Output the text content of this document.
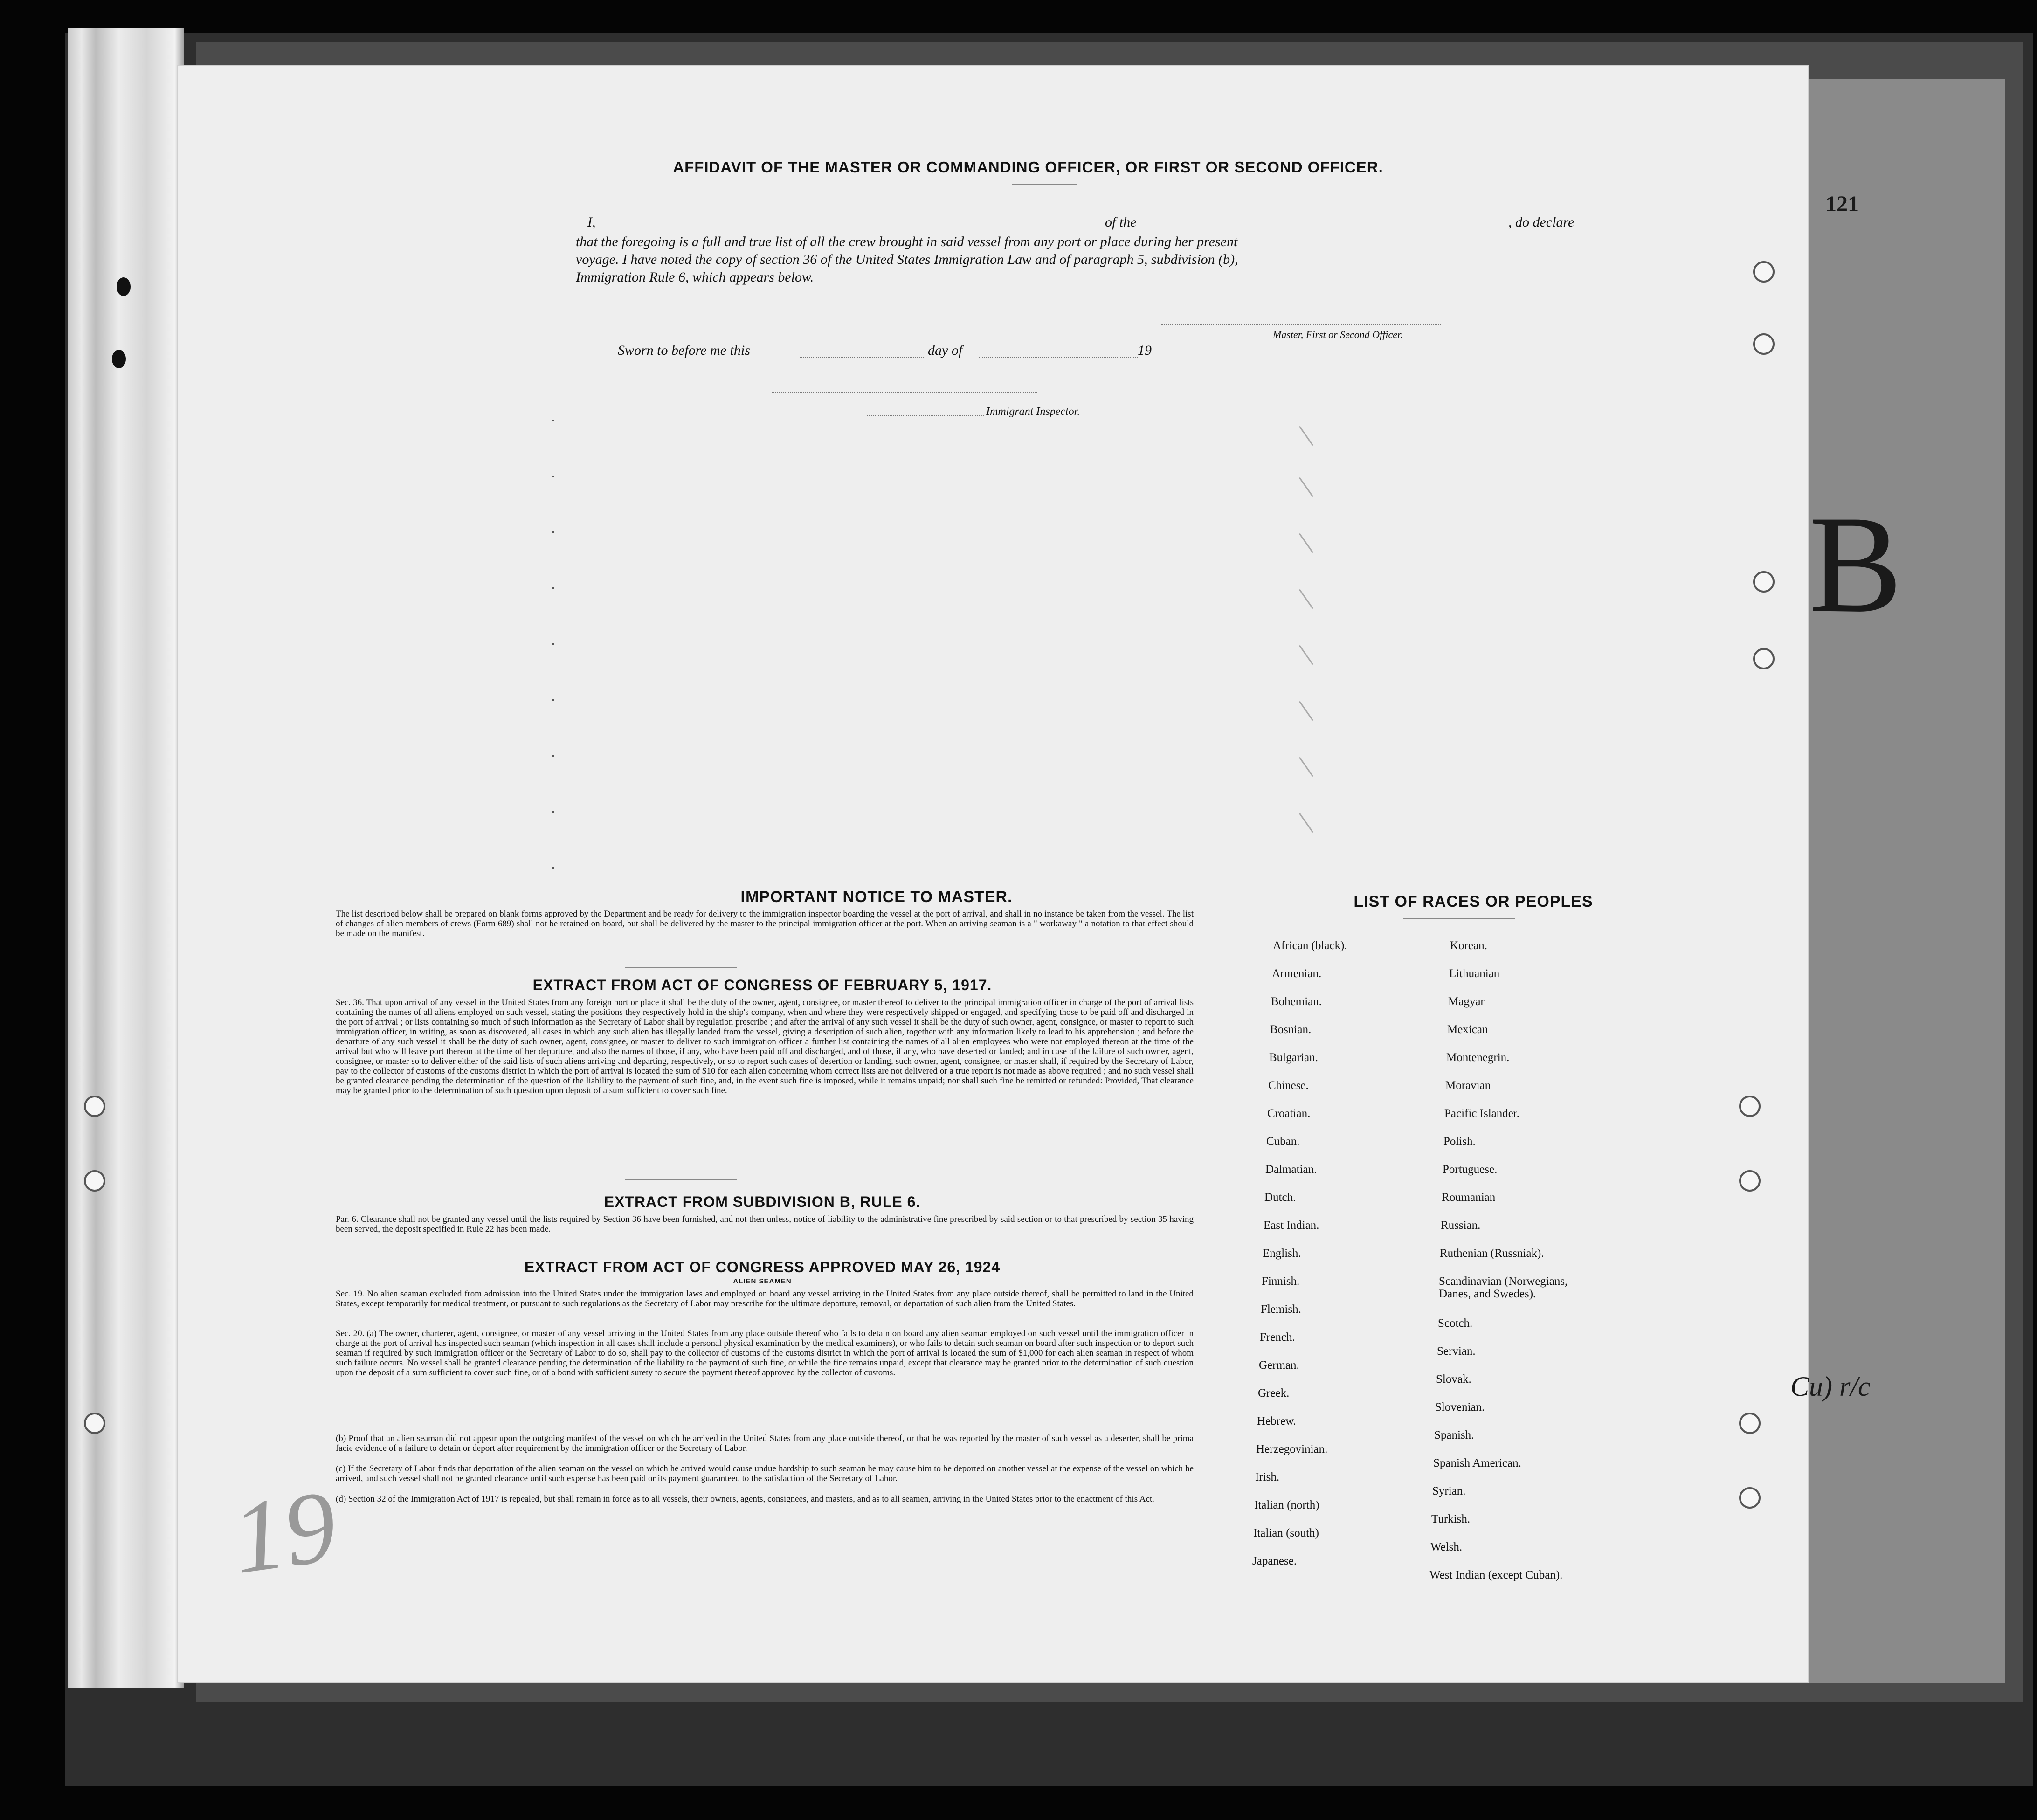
AFFIDAVIT OF THE MASTER OR COMMANDING OFFICER, OR FIRST OR SECOND OFFICER.
I,	of the	, do declare
that the foregoing is a full and true list of all the crew brought in said vessel from any port or place during her present
voyage. I have noted the copy of section 36 of the United States Immigration Law and of paragraph 5, subdivision (b),
Immigration Rule 6, which appears below.
Master, First or Second Officer.
Sworn to before me this	day of	19
Immigrant Inspector.
IMPORTANT NOTICE TO MASTER.
The list described below shall be prepared on blank forms approved by the Department and be ready for delivery to the immigration inspector boarding the vessel at the port of arrival, and shall in no instance be taken from the vessel. The list of changes of alien members of crews (Form 689) shall not be retained on board, but shall be delivered by the master to the principal immigration officer at the port. When an arriving seaman is a " workaway " a notation to that effect should be made on the manifest.
EXTRACT FROM ACT OF CONGRESS OF FEBRUARY 5, 1917.
Sec. 36. That upon arrival of any vessel in the United States from any foreign port or place it shall be the duty of the owner, agent, consignee, or master thereof to deliver to the principal immigration officer in charge of the port of arrival lists containing the names of all aliens employed on such vessel, stating the positions they respectively hold in the ship's company, when and where they were respectively shipped or engaged, and specifying those to be paid off and discharged in the port of arrival ; or lists containing so much of such information as the Secretary of Labor shall by regulation prescribe ; and after the arrival of any such vessel it shall be the duty of such owner, agent, consignee, or master to report to such immigration officer, in writing, as soon as discovered, all cases in which any such alien has illegally landed from the vessel, giving a description of such alien, together with any information likely to lead to his apprehension ; and before the departure of any such vessel it shall be the duty of such owner, agent, consignee, or master to deliver to such immigration officer a further list containing the names of all alien employees who were not employed thereon at the time of the arrival but who will leave port thereon at the time of her departure, and also the names of those, if any, who have been paid off and discharged, and of those, if any, who have deserted or landed; and in case of the failure of such owner, agent, consignee, or master so to deliver either of the said lists of such aliens arriving and departing, respectively, or so to report such cases of desertion or landing, such owner, agent, consignee, or master shall, if required by the Secretary of Labor, pay to the collector of customs of the customs district in which the port of arrival is located the sum of $10 for each alien concerning whom correct lists are not delivered or a true report is not made as above required ; and no such vessel shall be granted clearance pending the determination of the question of the liability to the payment of such fine, and, in the event such fine is imposed, while it remains unpaid; nor shall such fine be remitted or refunded: Provided, That clearance may be granted prior to the determination of such question upon deposit of a sum sufficient to cover such fine.
EXTRACT FROM SUBDIVISION B, RULE 6.
Par. 6. Clearance shall not be granted any vessel until the lists required by Section 36 have been furnished, and not then unless, notice of liability to the administrative fine prescribed by said section or to that prescribed by section 35 having been served, the deposit specified in Rule 22 has been made.
EXTRACT FROM ACT OF CONGRESS APPROVED MAY 26, 1924
ALIEN SEAMEN
Sec. 19. No alien seaman excluded from admission into the United States under the immigration laws and employed on board any vessel arriving in the United States from any place outside thereof, shall be permitted to land in the United States, except temporarily for medical treatment, or pursuant to such regulations as the Secretary of Labor may prescribe for the ultimate departure, removal, or deportation of such alien from the United States.
Sec. 20. (a) The owner, charterer, agent, consignee, or master of any vessel arriving in the United States from any place outside thereof who fails to detain on board any alien seaman employed on such vessel until the immigration officer in charge at the port of arrival has inspected such seaman (which inspection in all cases shall include a personal physical examination by the medical examiners), or who fails to detain such seaman on board after such inspection or to deport such seaman if required by such immigration officer or the Secretary of Labor to do so, shall pay to the collector of customs of the customs district in which the port of arrival is located the sum of $1,000 for each alien seaman in respect of whom such failure occurs. No vessel shall be granted clearance pending the determination of the liability to the payment of such fine, or while the fine remains unpaid, except that clearance may be granted prior to the determination of such question upon the deposit of a sum sufficient to cover such fine, or of a bond with sufficient surety to secure the payment thereof approved by the collector of customs.
(b) Proof that an alien seaman did not appear upon the outgoing manifest of the vessel on which he arrived in the United States from any place outside thereof, or that he was reported by the master of such vessel as a deserter, shall be prima facie evidence of a failure to detain or deport after requirement by the immigration officer or the Secretary of Labor.
(c) If the Secretary of Labor finds that deportation of the alien seaman on the vessel on which he arrived would cause undue hardship to such seaman he may cause him to be deported on another vessel at the expense of the vessel on which he arrived, and such vessel shall not be granted clearance until such expense has been paid or its payment guaranteed to the satisfaction of the Secretary of Labor.
(d) Section 32 of the Immigration Act of 1917 is repealed, but shall remain in force as to all vessels, their owners, agents, consignees, and masters, and as to all seamen, arriving in the United States prior to the enactment of this Act.
LIST OF RACES OR PEOPLES
African (black).
Armenian.
Bohemian.
Bosnian.
Bulgarian.
Chinese.
Croatian.
Cuban.
Dalmatian.
Dutch.
East Indian.
English.
Finnish.
Flemish.
French.
German.
Greek.
Hebrew.
Herzegovinian.
Irish.
Italian (north)
Italian (south)
Japanese.
Korean.
Lithuanian
Magyar
Mexican
Montenegrin.
Moravian
Pacific Islander.
Polish.
Portuguese.
Roumanian
Russian.
Ruthenian (Russniak).
Scandinavian (Norwegians, Danes, and Swedes).
Scotch.
Servian.
Slovak.
Slovenian.
Spanish.
Spanish American.
Syrian.
Turkish.
Welsh.
West Indian (except Cuban).
121
B
Cu) r/c
19
